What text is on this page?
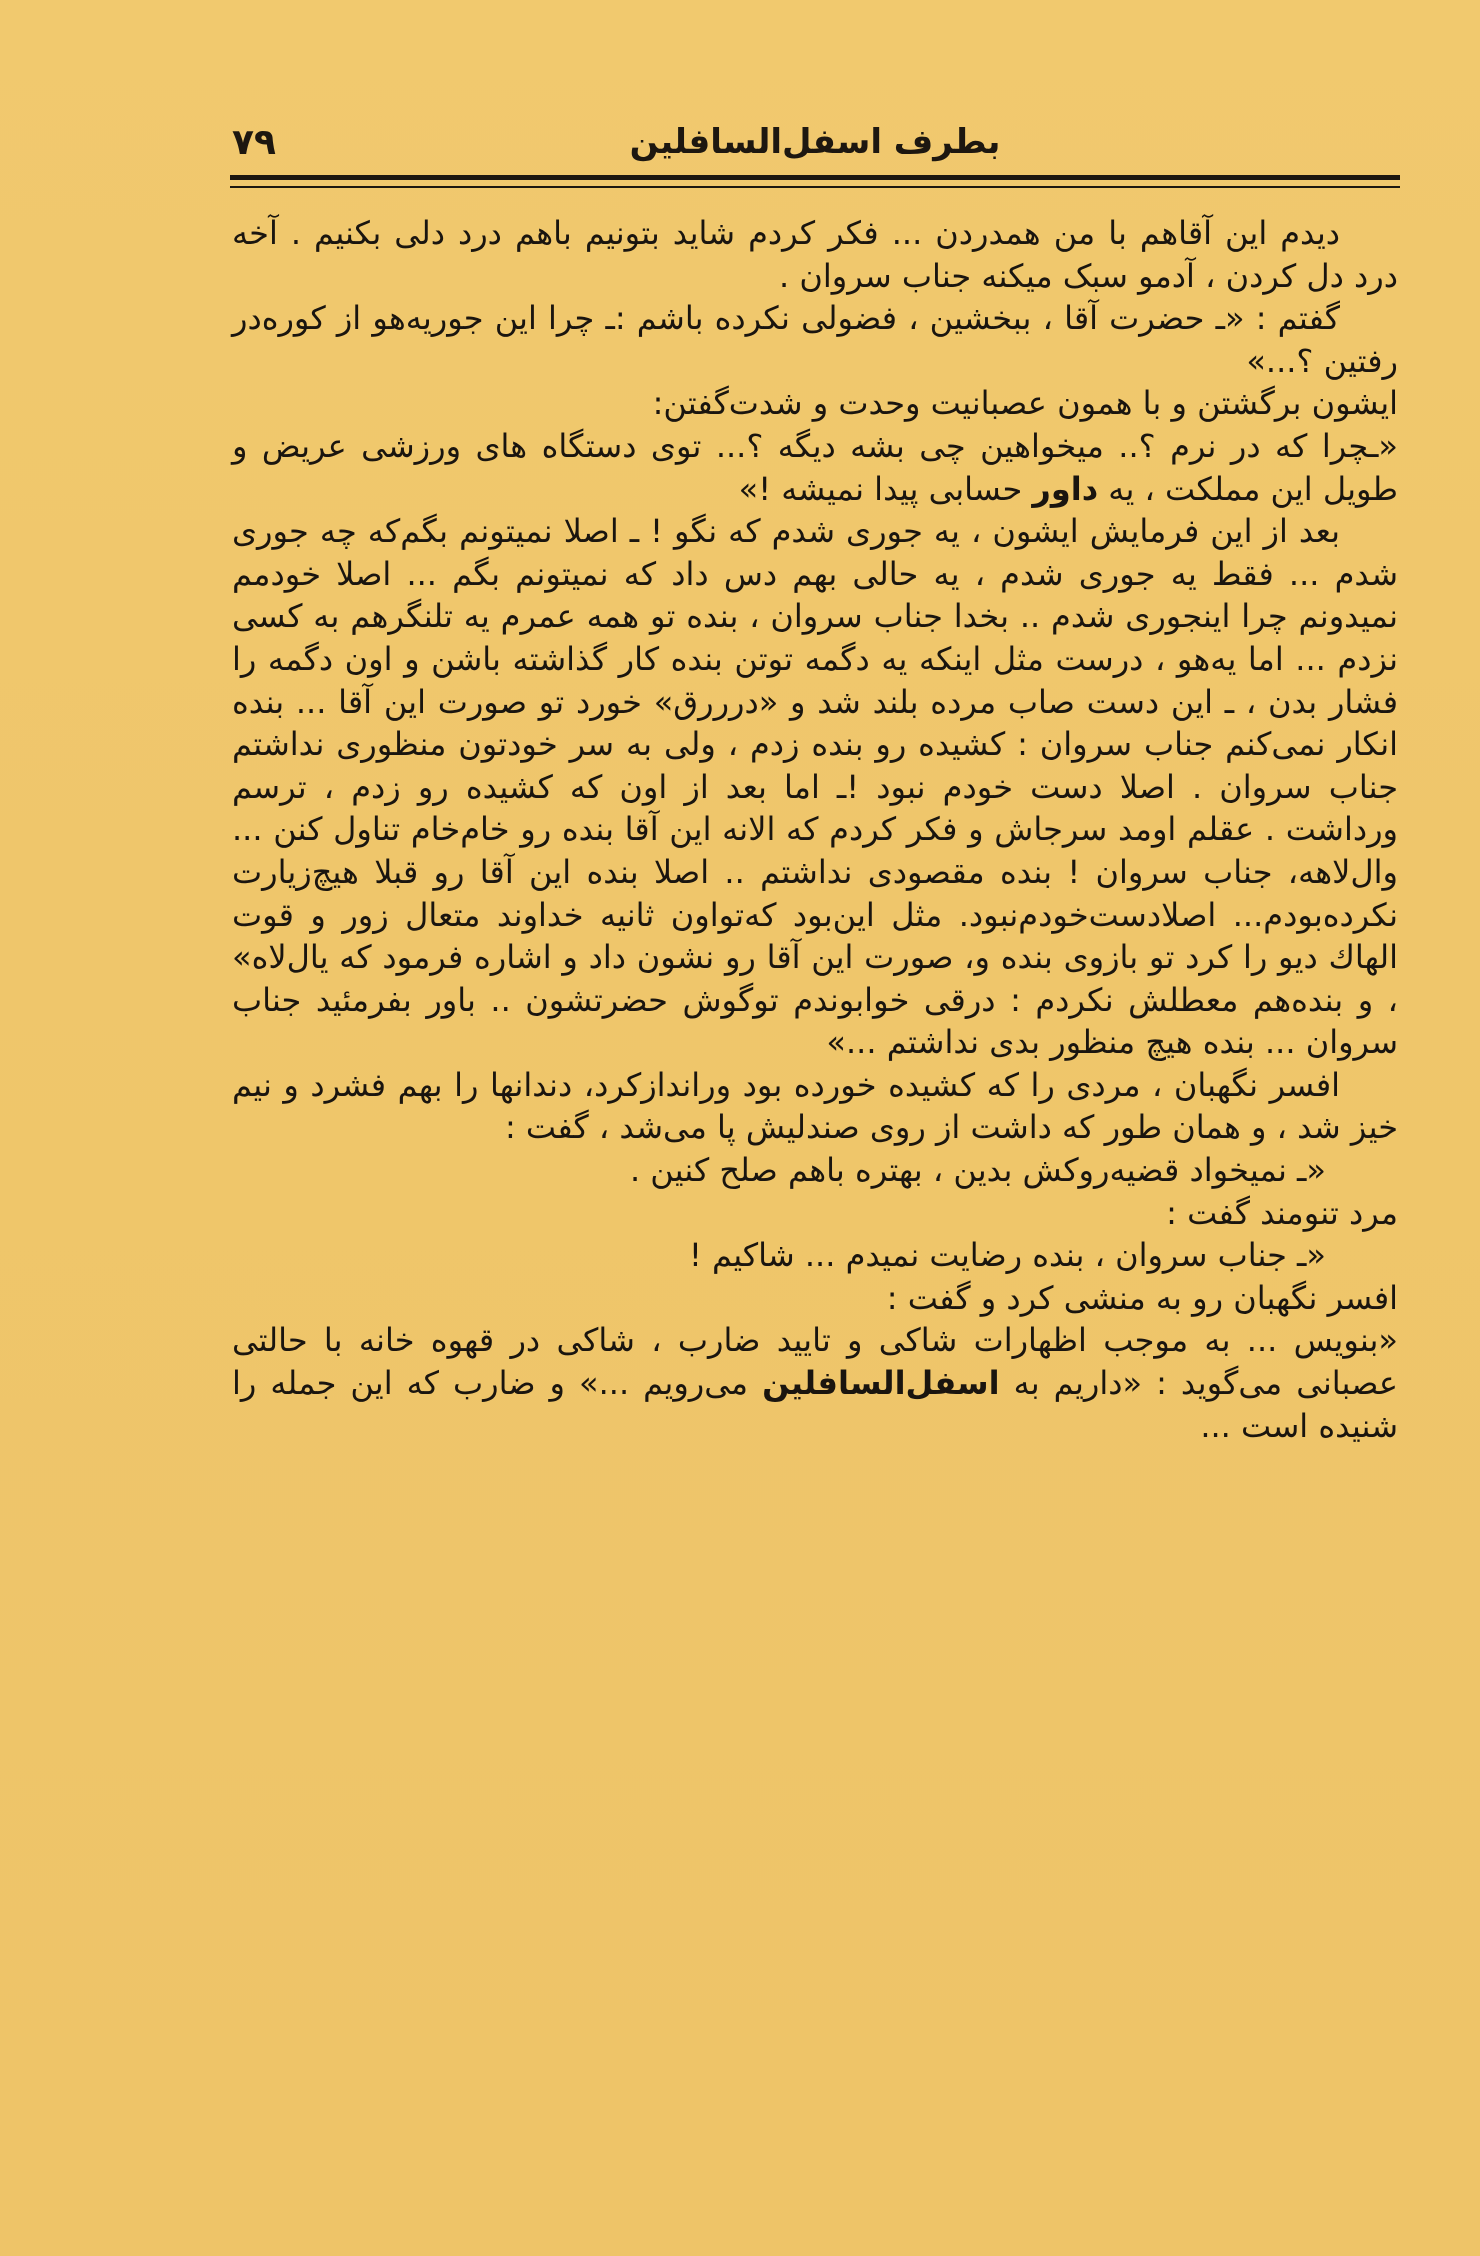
۷۹	بطرف اسفل‌السافلین

دیدم این آقاهم با من همدردن ... فکر کردم شاید بتونیم باهم درد دلی بکنیم . آخه درد دل کردن ، آدمو سبک میکنه جناب سروان .

گفتم : «ـ حضرت آقا ، ببخشین ، فضولی نکرده باشم :ـ چرا این جوریه‌هو از کوره‌در رفتین ؟...»

ایشون برگشتن و با همون عصبانیت وحدت و شدت‌گفتن:

«ـچرا که در نرم ؟.. میخواهین چی بشه دیگه ؟... توی دستگاه های ورزشی عریض و طویل این مملکت ، یه داور حسابی پیدا نمیشه !»

بعد از این فرمایش ایشون ، یه جوری شدم که نگو ! ـ اصلا نمیتونم بگم‌که چه جوری شدم ... فقط یه جوری شدم ، یه حالی بهم دس داد که نمیتونم بگم ... اصلا خودمم نمیدونم چرا اینجوری شدم .. بخدا جناب سروان ، بنده تو همه عمرم یه تلنگرهم به کسی نزدم ... اما یه‌هو ، درست مثل اینکه یه دگمه توتن بنده کار گذاشته باشن و اون دگمه را فشار بدن ، ـ این دست صاب مرده بلند شد و «درررق» خورد تو صورت این آقا ... بنده انکار نمی‌کنم جناب سروان : کشیده رو بنده زدم ، ولی به سر خودتون منظوری نداشتم جناب سروان . اصلا دست خودم نبود !ـ اما بعد از اون که کشیده رو زدم ، ترسم ورداشت . عقلم اومد سرجاش و فکر کردم که الانه این آقا بنده رو خام‌خام تناول کنن ... وال‌لاهه، جناب سروان ! بنده مقصودی نداشتم .. اصلا بنده این آقا رو قبلا هیچ‌زیارت نکرده‌بودم... اصلادست‌خودم‌نبود. مثل این‌بود که‌تواون ثانیه خداوند متعال زور و قوت الهاك دیو را کرد تو بازوی بنده و، صورت این آقا رو نشون داد و اشاره فرمود که یال‌لاه» ، و بنده‌هم معطلش نکردم : درقی خوابوندم توگوش حضرتشون .. باور بفرمئید جناب سروان ... بنده هیچ منظور بدی نداشتم ...»

افسر نگهبان ، مردی را که کشیده خورده بود ورانداز‌کرد، دندانها را بهم فشرد و نیم خیز شد ، و همان طور که داشت از روی صندلیش پا می‌شد ، گفت :

«ـ نمیخواد قضیه‌روکش بدین ، بهتره باهم صلح کنین .

مرد تنومند گفت :

«ـ جناب سروان ، بنده رضایت نمیدم ... شاکیم !

افسر نگهبان رو به منشی کرد و گفت :

«بنویس ... به موجب اظهارات شاکی و تایید ضارب ، شاکی در قهوه خانه با حالتی عصبانی می‌گوید : «داریم به اسفل‌السافلین می‌رویم ...» و ضارب که این جمله را شنیده است ...
